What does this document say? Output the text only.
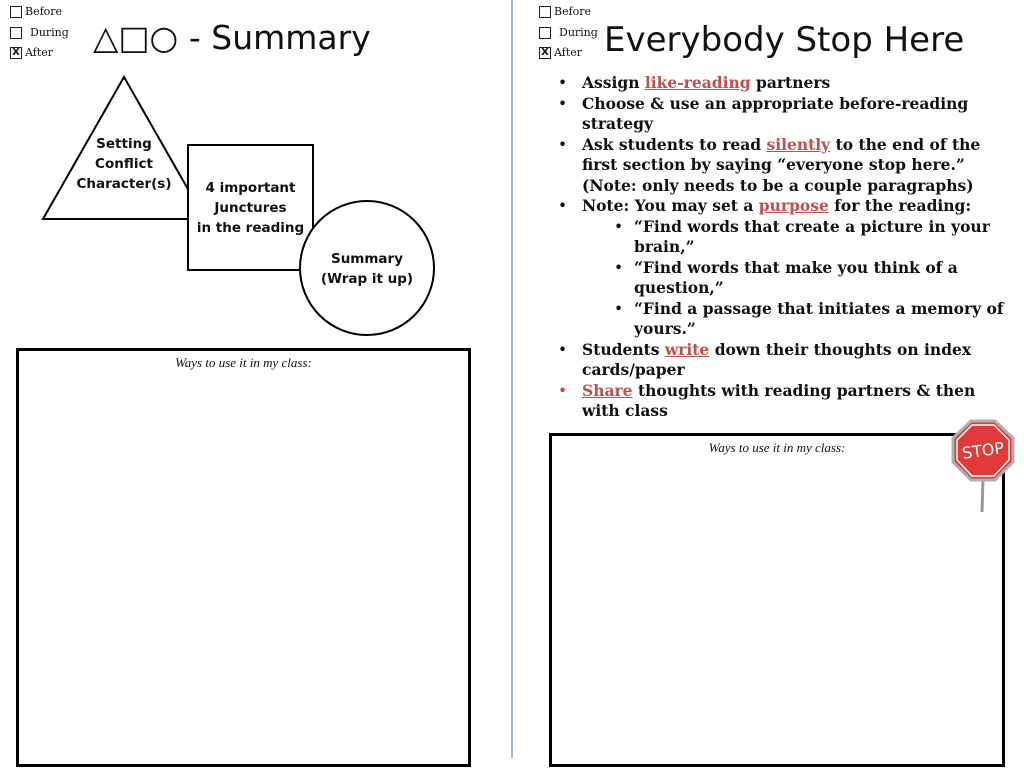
Before
During
X After △□○ - Summary
Setting
Conflict
Character(s)	4 important
Junctures
in the reading
Summary
(Wrap it up)
Ways to use it in my class:
Before
During
X After Everybody Stop Here
• Assign like-reading partners
• Choose & use an appropriate before-reading strategy
• Ask students to read silently to the end of the first section by saying “everyone stop here.” (Note: only needs to be a couple paragraphs)
• Note: You may set a purpose for the reading:
• “Find words that create a picture in your brain,”
• “Find words that make you think of a question,”
• “Find a passage that initiates a memory of yours.”
• Students write down their thoughts on index cards/paper
• Share thoughts with reading partners & then with class
Ways to use it in my class:	STOP
